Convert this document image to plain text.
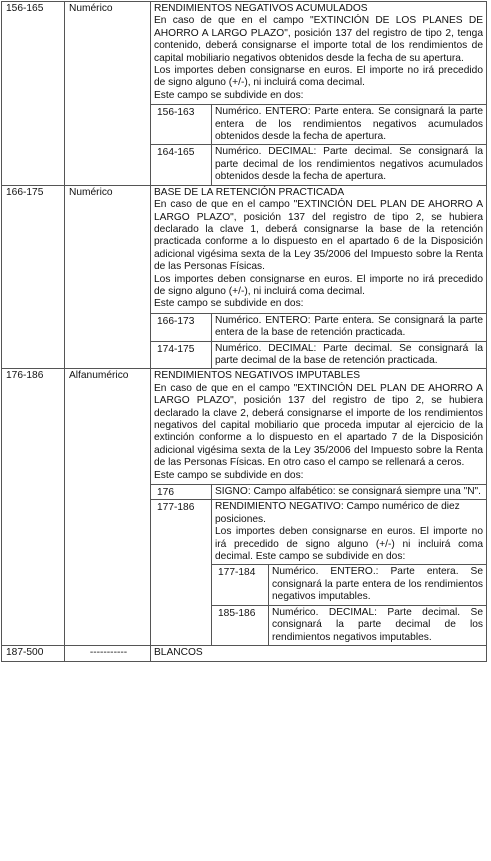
156-165	Numérico	RENDIMIENTOS NEGATIVOS ACUMULADOS

En caso de que en el campo "EXTINCIÓN DE LOS PLANES DE AHORRO A LARGO PLAZO", posición 137 del registro de tipo 2, tenga contenido, deberá consignarse el importe total de los rendimientos de capital mobiliario negativos obtenidos desde la fecha de su apertura.

Los importes deben consignarse en euros. El importe no irá precedido de signo alguno (+/-), ni incluirá coma decimal.

Este campo se subdivide en dos:

156-163	Numérico. ENTERO: Parte entera. Se consignará la parte entera de los rendimientos negativos acumulados obtenidos desde la fecha de apertura.
164-165	Numérico. DECIMAL: Parte decimal. Se consignará la parte decimal de los rendimientos negativos acumulados obtenidos desde la fecha de apertura.

166-175	Numérico	BASE DE LA RETENCIÓN PRACTICADA

En caso de que en el campo "EXTINCIÓN DEL PLAN DE AHORRO A LARGO PLAZO", posición 137 del registro de tipo 2, se hubiera declarado la clave 1, deberá consignarse la base de la retención practicada conforme a lo dispuesto en el apartado 6 de la Disposición adicional vigésima sexta de la Ley 35/2006 del Impuesto sobre la Renta de las Personas Físicas.

Los importes deben consignarse en euros. El importe no irá precedido de signo alguno (+/-), ni incluirá coma decimal.

Este campo se subdivide en dos:

166-173	Numérico. ENTERO: Parte entera. Se consignará la parte entera de la base de retención practicada.
174-175	Numérico. DECIMAL: Parte decimal. Se consignará la parte decimal de la base de retención practicada.

176-186	Alfanumérico	RENDIMIENTOS NEGATIVOS IMPUTABLES

En caso de que en el campo "EXTINCIÓN DEL PLAN DE AHORRO A LARGO PLAZO", posición 137 del registro de tipo 2, se hubiera declarado la clave 2, deberá consignarse el importe de los rendimientos negativos del capital mobiliario que proceda imputar al ejercicio de la extinción conforme a lo dispuesto en el apartado 7 de la Disposición adicional vigésima sexta de la Ley 35/2006 del Impuesto sobre la Renta de las Personas Físicas. En otro caso el campo se rellenará a ceros.

Este campo se subdivide en dos:

176	SIGNO: Campo alfabético: se consignará siempre una "N".
177-186	RENDIMIENTO NEGATIVO: Campo numérico de diez posiciones.

Los importes deben consignarse en euros. El importe no irá precedido de signo alguno (+/-) ni incluirá coma decimal. Este campo se subdivide en dos:

177-184	Numérico. ENTERO.: Parte entera. Se consignará la parte entera de los rendimientos negativos imputables.
185-186	Numérico. DECIMAL: Parte decimal. Se consignará la parte decimal de los rendimientos negativos imputables.

187-500	-----------	BLANCOS
